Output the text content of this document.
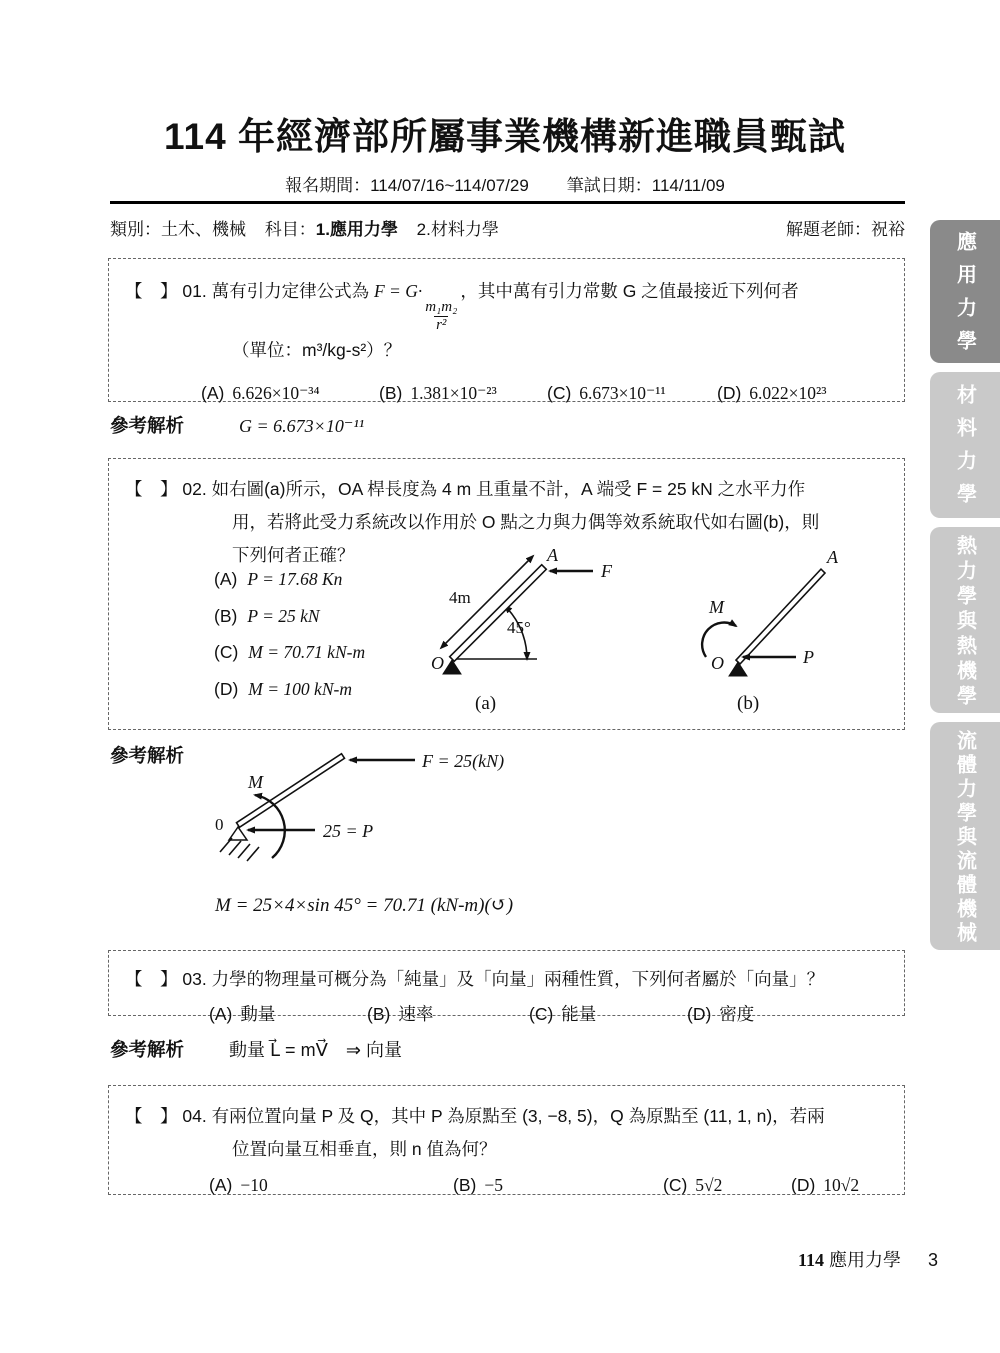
114 年經濟部所屬事業機構新進職員甄試
報名期間：114/07/16~114/07/29 筆試日期：114/11/09
類別：土木、機械 科目：1.應用力學 2.材料力學	解題老師：祝裕
應用力學
材料力學
熱力學與熱機學
流體力學與流體機械
【　】 01. 萬有引力定律公式為 F = G·
$\frac{\text{m₁m₂}}{\text{r²}}$
，其中萬有引力常數 G 之值最接近下列何者
（單位：m³/kg-s²）？
(A) 6.626×10⁻³⁴	(B) 1.381×10⁻²³	(C) 6.673×10⁻¹¹	(D) 6.022×10²³
參考解析	G = 6.673×10⁻¹¹
【　】 02. 如右圖(a)所示，OA 桿長度為 4 m 且重量不計，A 端受 F = 25 kN 之水平力作
用，若將此受力系統改以作用於 O 點之力與力偶等效系統取代如右圖(b)，則
下列何者正確？
(A) P = 17.68 Kn
(B) P = 25 kN
(C) M = 70.71 kN-m
(D) M = 100 kN-m
A
F
4m
45°
O
(a)
A
M
O	P
(b)
參考解析	F = 25(kN)
M
0	25 = P
M = 25×4×sin 45° = 70.71 (kN-m)(↺)
【　】 03. 力學的物理量可概分為「純量」及「向量」兩種性質，下列何者屬於「向量」？
(A) 動量	(B) 速率	(C) 能量	(D) 密度
參考解析	動量 L⃗ = mV⃗　⇒ 向量
【　】 04. 有兩位置向量 P 及 Q，其中 P 為原點至 (3, −8, 5)，Q 為原點至 (11, 1, n)，若兩
位置向量互相垂直，則 n 值為何？
(A) −10	(B) −5	(C) 5√2	(D) 10√2
114 應用力學 3
